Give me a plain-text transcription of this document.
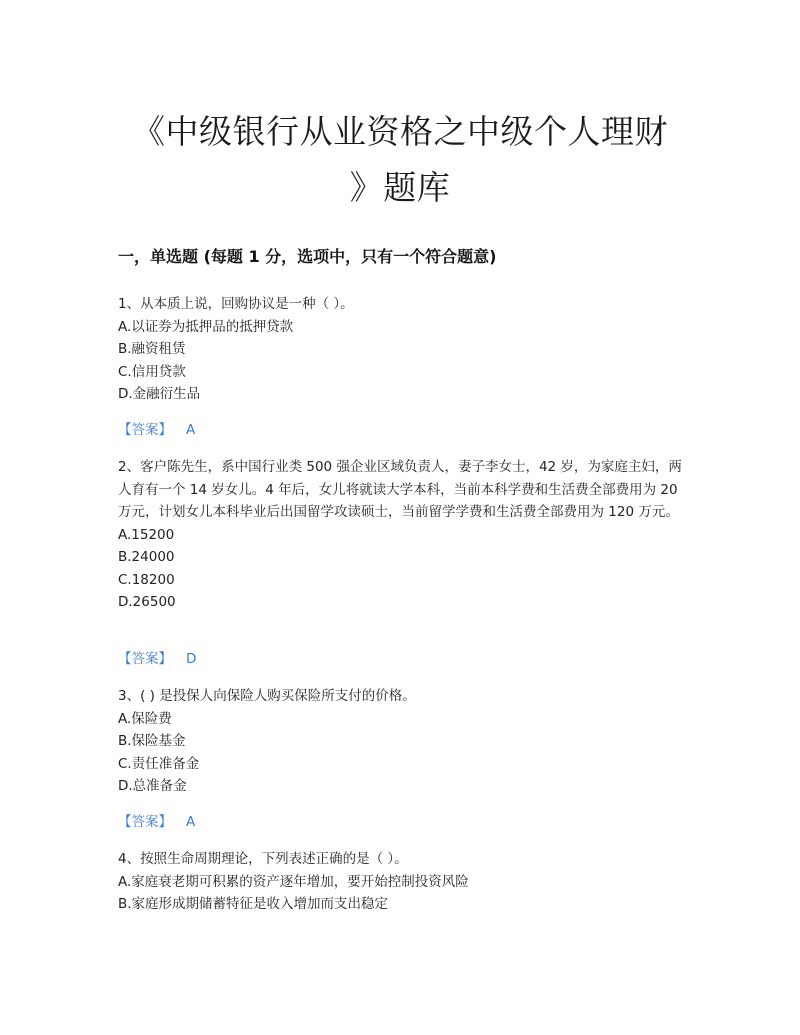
《中级银行从业资格之中级个人理财
》题库
一，单选题 (每题 1 分，选项中，只有一个符合题意)

1、从本质上说，回购协议是一种（ ）。

A.以证券为抵押品的抵押贷款

B.融资租赁

C.信用贷款

D.金融衍生品

【答案】 A

2、客户陈先生，系中国行业类 500 强企业区域负责人，妻子李女士，42 岁，为家庭主妇，两人育有一个 14 岁女儿。4 年后，女儿将就读大学本科，当前本科学费和生活费全部费用为 20 万元，计划女儿本科毕业后出国留学攻读硕士，当前留学学费和生活费全部费用为 120 万元。

A.15200

B.24000

C.18200

D.26500

【答案】 D

3、( ) 是投保人向保险人购买保险所支付的价格。

A.保险费

B.保险基金

C.责任准备金

D.总准备金

【答案】 A

4、按照生命周期理论，下列表述正确的是（ ）。

A.家庭衰老期可积累的资产逐年增加，要开始控制投资风险

B.家庭形成期储蓄特征是收入增加而支出稳定
